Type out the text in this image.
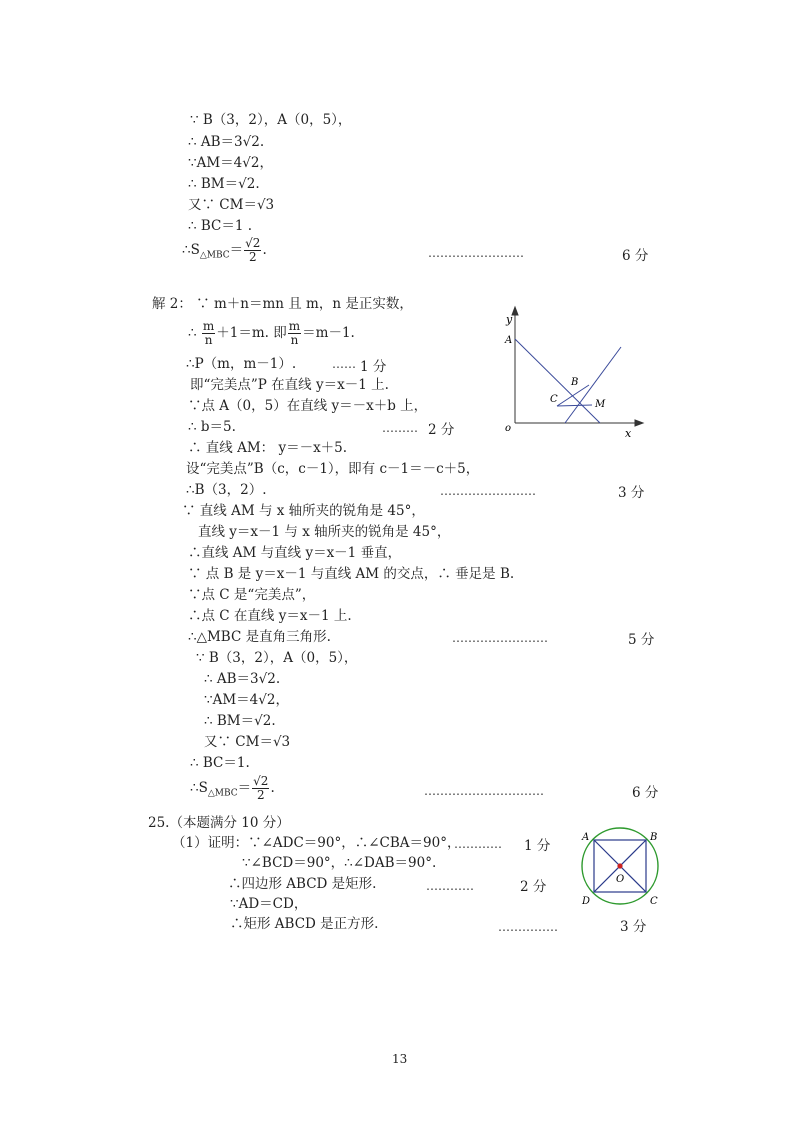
∵ B（3，2），A（0，5），
∴ AB＝3√2.
∵AM＝4√2，
∴ BM＝√2.
又∵ CM＝√3
∴ BC＝1 .
$\therefore S_{\triangle MBC}= \frac{√2}{2}$ .	……………………	6 分
解 2： ∵ m＋n＝mn 且 m，n 是正实数，
∴ $\frac{m}{n} +1=m$. 即 $\frac{m}{n} =m-1$.
∴P（m，m－1）.	…… 1 分
即“完美点”P 在直线 y＝x－1 上.
∵点 A（0，5）在直线 y＝－x＋b 上，
∴ b＝5.	……… 2 分
∴ 直线 AM： y＝－x＋5.
设“完美点”B（c，c－1），即有 c－1＝－c＋5，
∴B（3，2）.	……………………	3 分
∵ 直线 AM 与 x 轴所夹的锐角是 45°，
直线 y＝x－1 与 x 轴所夹的锐角是 45°，
∴直线 AM 与直线 y＝x－1 垂直，
∵ 点 B 是 y＝x－1 与直线 AM 的交点，∴ 垂足是 B.
∵点 C 是“完美点”，
∴点 C 在直线 y＝x－1 上.
∴△MBC 是直角三角形.	……………………	5 分
∵ B（3，2），A（0，5），
∴ AB＝3√2.
∵AM＝4√2，
∴ BM＝√2.
又∵ CM＝√3
∴ BC＝1.
$\therefore S_{\triangle MBC}= \frac{√2}{2}$ .	…………………………	6 分
y
x
o
A
B
C	M
25.（本题满分 10 分）
（1）证明：∵∠ADC＝90°，∴∠CBA＝90°，
………… 1 分
∵∠BCD＝90°，∴∠DAB＝90°.
∴四边形 ABCD 是矩形.	…………	2 分
∵AD＝CD，
∴矩形 ABCD 是正方形.	……………	3 分
A	B
C
D
O
13
